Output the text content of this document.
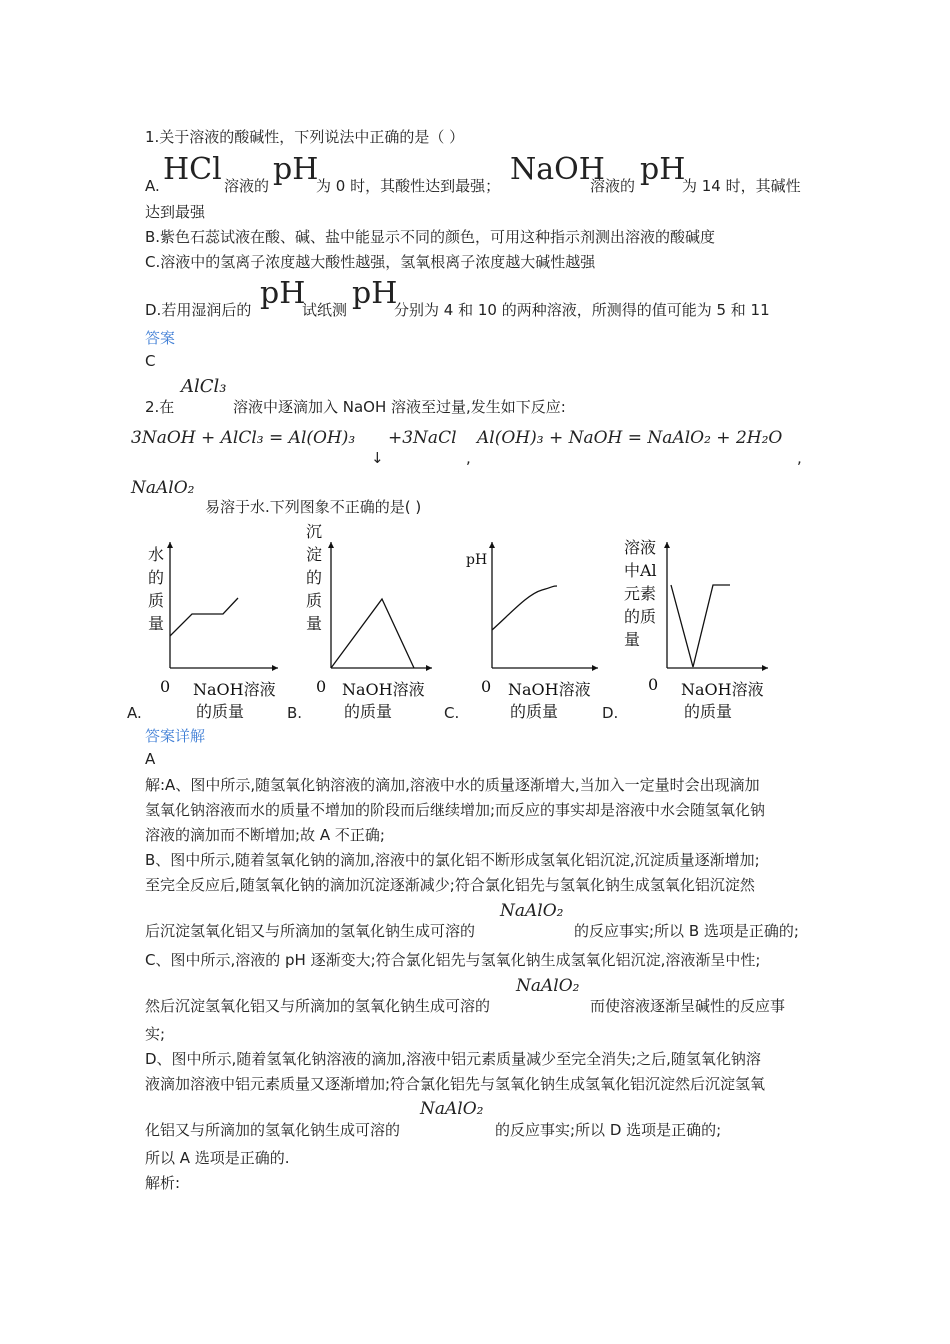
1.关于溶液的酸碱性，下列说法中正确的是（ ）
A. HCl 溶液的 pH
为 0 时，其酸性达到最强； NaOH
溶液的 pH
为 14 时，其碱性
达到最强
B.紫色石蕊试液在酸、碱、盐中能显示不同的颜色，可用这种指示剂测出溶液的酸碱度
C.溶液中的氢离子浓度越大酸性越强，氢氧根离子浓度越大碱性越强
D.若用湿润后的 pH
试纸测 pH
分别为 4 和 10 的两种溶液，所测得的值可能为 5 和 11
答案
C
AlCl₃
2.在	溶液中逐滴加入 NaOH 溶液至过量,发生如下反应:
3NaOH + AlCl₃ = Al(OH)₃
↓
+3NaCl
,
Al(OH)₃ + NaOH = NaAlO₂ + 2H₂O
,
NaAlO₂
易溶于水.下列图象不正确的是( )
水
的
质
量
0 NaOH溶液
的质量
A.
沉
淀
的
质
量
0 NaOH溶液
的质量
B.
pH
0 NaOH溶液
的质量
C.
溶液
中Al
元素
的质
量
0 NaOH溶液
的质量
D.
答案详解
A
解:A、图中所示,随氢氧化钠溶液的滴加,溶液中水的质量逐渐增大,当加入一定量时会出现滴加
氢氧化钠溶液而水的质量不增加的阶段而后继续增加;而反应的事实却是溶液中水会随氢氧化钠
溶液的滴加而不断增加;故 A 不正确;
B、图中所示,随着氢氧化钠的滴加,溶液中的氯化铝不断形成氢氧化铝沉淀,沉淀质量逐渐增加;
至完全反应后,随氢氧化钠的滴加沉淀逐渐减少;符合氯化铝先与氢氧化钠生成氢氧化铝沉淀然
NaAlO₂
后沉淀氢氧化铝又与所滴加的氢氧化钠生成可溶的	的反应事实;所以 B 选项是正确的;
C、图中所示,溶液的 pH 逐渐变大;符合氯化铝先与氢氧化钠生成氢氧化铝沉淀,溶液渐呈中性;
NaAlO₂
然后沉淀氢氧化铝又与所滴加的氢氧化钠生成可溶的	而使溶液逐渐呈碱性的反应事
实;
D、图中所示,随着氢氧化钠溶液的滴加,溶液中铝元素质量减少至完全消失;之后,随氢氧化钠溶
液滴加溶液中铝元素质量又逐渐增加;符合氯化铝先与氢氧化钠生成氢氧化铝沉淀然后沉淀氢氧
NaAlO₂
化铝又与所滴加的氢氧化钠生成可溶的	的反应事实;所以 D 选项是正确的;
所以 A 选项是正确的.
解析:
